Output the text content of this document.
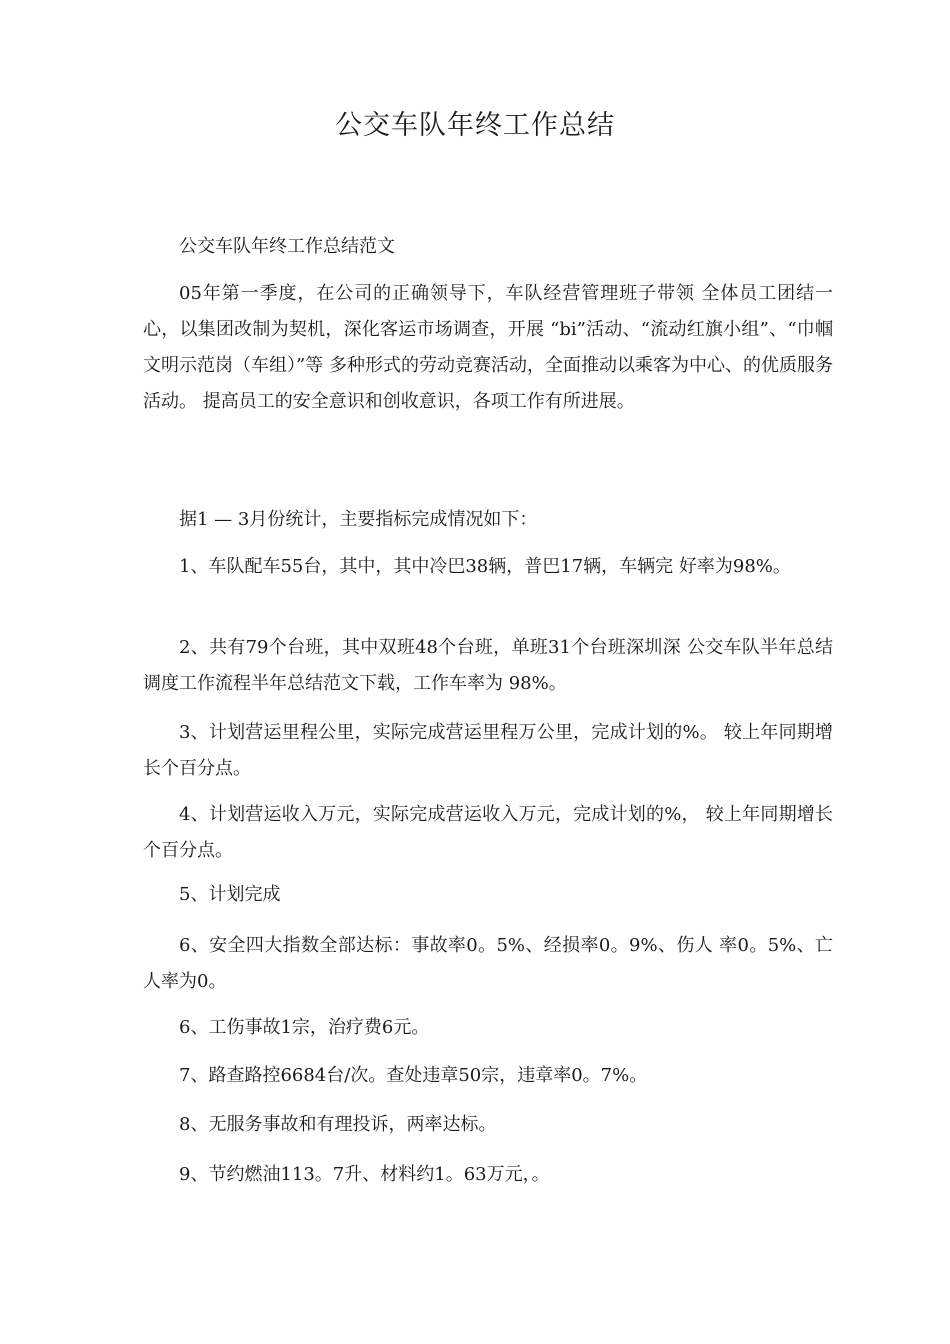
公交车队年终工作总结

公交车队年终工作总结范文

05年第一季度，在公司的正确领导下，车队经营管理班子带领 全体员工团结一心，以集团改制为契机，深化客运市场调查，开展 “bi”活动、“流动红旗小组”、“巾帼文明示范岗（车组）”等 多种形式的劳动竞赛活动，全面推动以乘客为中心、的优质服务活动。 提高员工的安全意识和创收意识，各项工作有所进展。

据1 — 3月份统计，主要指标完成情况如下：

1、车队配车55台，其中，其中冷巴38辆，普巴17辆，车辆完 好率为98%。

2、共有79个台班，其中双班48个台班，单班31个台班深圳深 公交车队半年总结调度工作流程半年总结范文下载，工作车率为 98%。

3、计划营运里程公里，实际完成营运里程万公里，完成计划的%。 较上年同期增长个百分点。

4、计划营运收入万元，实际完成营运收入万元，完成计划的%， 较上年同期增长个百分点。

5、计划完成

6、安全四大指数全部达标：事故率0。5%、经损率0。9%、伤人 率0。5%、亡人率为0。

6、工伤事故1宗，治疗费6元。

7、路查路控6684台/次。查处违章50宗，违章率0。7%。

8、无服务事故和有理投诉，两率达标。

9、节约燃油113。7升、材料约1。63万元，。
